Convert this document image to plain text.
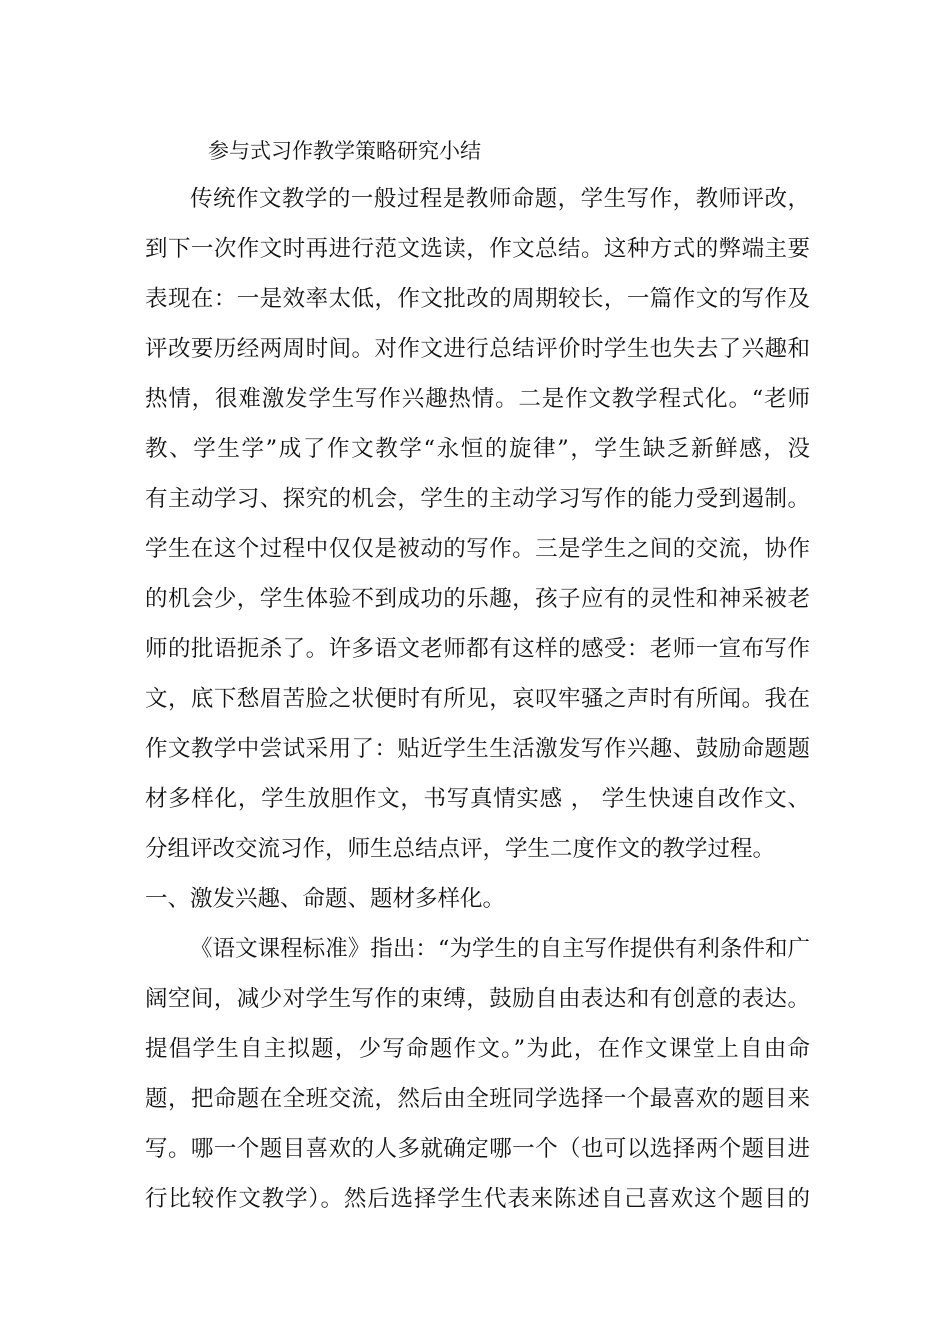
参与式习作教学策略研究小结
传统作文教学的一般过程是教师命题，学生写作，教师评改，
到下一次作文时再进行范文选读，作文总结。这种方式的弊端主要
表现在：一是效率太低，作文批改的周期较长，一篇作文的写作及
评改要历经两周时间。对作文进行总结评价时学生也失去了兴趣和
热情，很难激发学生写作兴趣热情。二是作文教学程式化。“老师
教、学生学”成了作文教学“永恒的旋律”，学生缺乏新鲜感，没
有主动学习、探究的机会，学生的主动学习写作的能力受到遏制。
学生在这个过程中仅仅是被动的写作。三是学生之间的交流，协作
的机会少，学生体验不到成功的乐趣，孩子应有的灵性和神采被老
师的批语扼杀了。许多语文老师都有这样的感受：老师一宣布写作
文，底下愁眉苦脸之状便时有所见，哀叹牢骚之声时有所闻。我在
作文教学中尝试采用了：贴近学生生活激发写作兴趣、鼓励命题题
材多样化，学生放胆作文，书写真情实感 ， 学生快速自改作文、
分组评改交流习作，师生总结点评，学生二度作文的教学过程。
一、激发兴趣、命题、题材多样化。
《语文课程标准》指出：“为学生的自主写作提供有利条件和广
阔空间，减少对学生写作的束缚，鼓励自由表达和有创意的表达。
提倡学生自主拟题，少写命题作文。”为此，在作文课堂上自由命
题，把命题在全班交流，然后由全班同学选择一个最喜欢的题目来
写。哪一个题目喜欢的人多就确定哪一个（也可以选择两个题目进
行比较作文教学）。然后选择学生代表来陈述自己喜欢这个题目的
